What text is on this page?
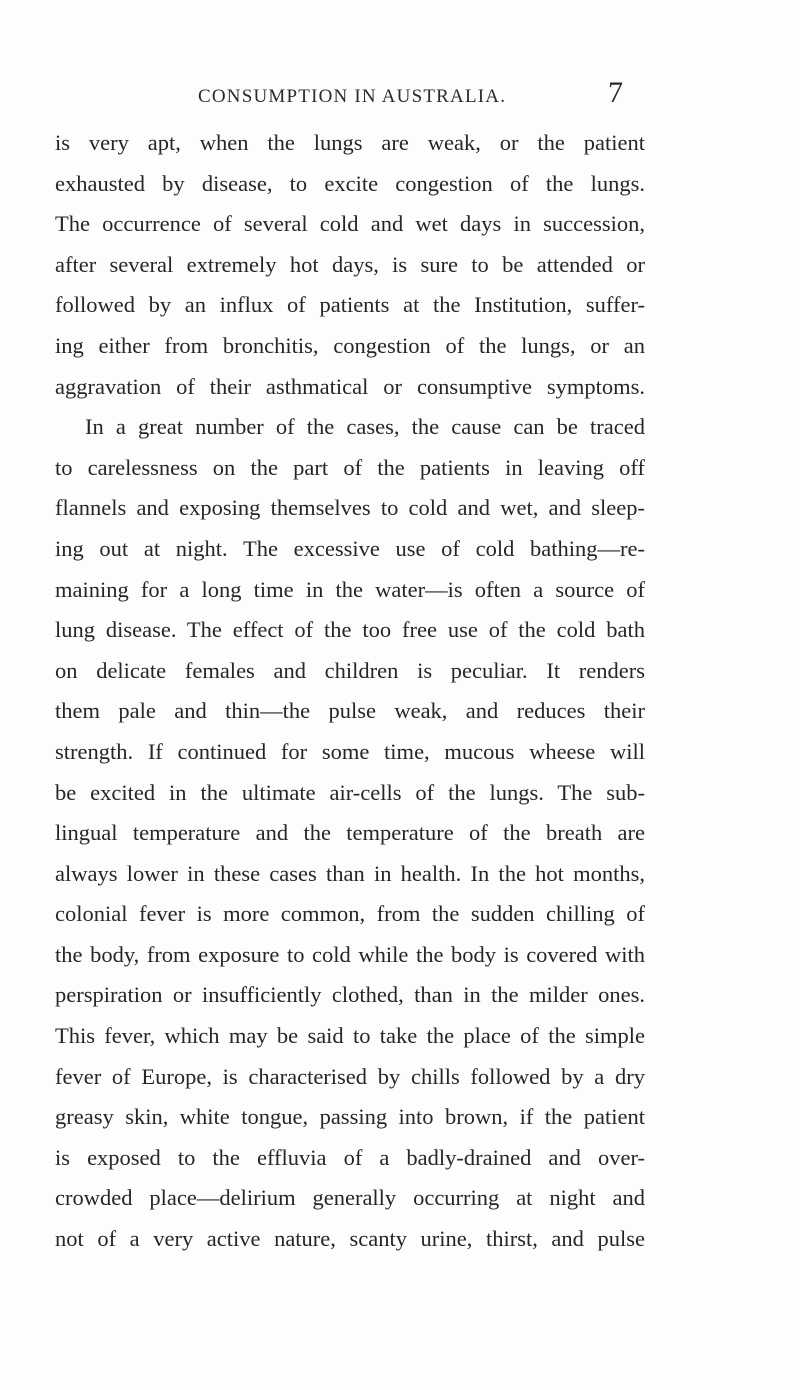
CONSUMPTION IN AUSTRALIA.	7
is very apt, when the lungs are weak, or the patient
exhausted by disease, to excite congestion of the lungs.
The occurrence of several cold and wet days in succession,
after several extremely hot days, is sure to be attended or
followed by an influx of patients at the Institution, suffer-
ing either from bronchitis, congestion of the lungs, or an
aggravation of their asthmatical or consumptive symptoms.
In a great number of the cases, the cause can be traced
to carelessness on the part of the patients in leaving off
flannels and exposing themselves to cold and wet, and sleep-
ing out at night. The excessive use of cold bathing—re-
maining for a long time in the water—is often a source of
lung disease. The effect of the too free use of the cold bath
on delicate females and children is peculiar. It renders
them pale and thin—the pulse weak, and reduces their
strength. If continued for some time, mucous wheese will
be excited in the ultimate air-cells of the lungs. The sub-
lingual temperature and the temperature of the breath are
always lower in these cases than in health. In the hot months,
colonial fever is more common, from the sudden chilling of
the body, from exposure to cold while the body is covered with
perspiration or insufficiently clothed, than in the milder ones.
This fever, which may be said to take the place of the simple
fever of Europe, is characterised by chills followed by a dry
greasy skin, white tongue, passing into brown, if the patient
is exposed to the effluvia of a badly-drained and over-
crowded place—delirium generally occurring at night and
not of a very active nature, scanty urine, thirst, and pulse
